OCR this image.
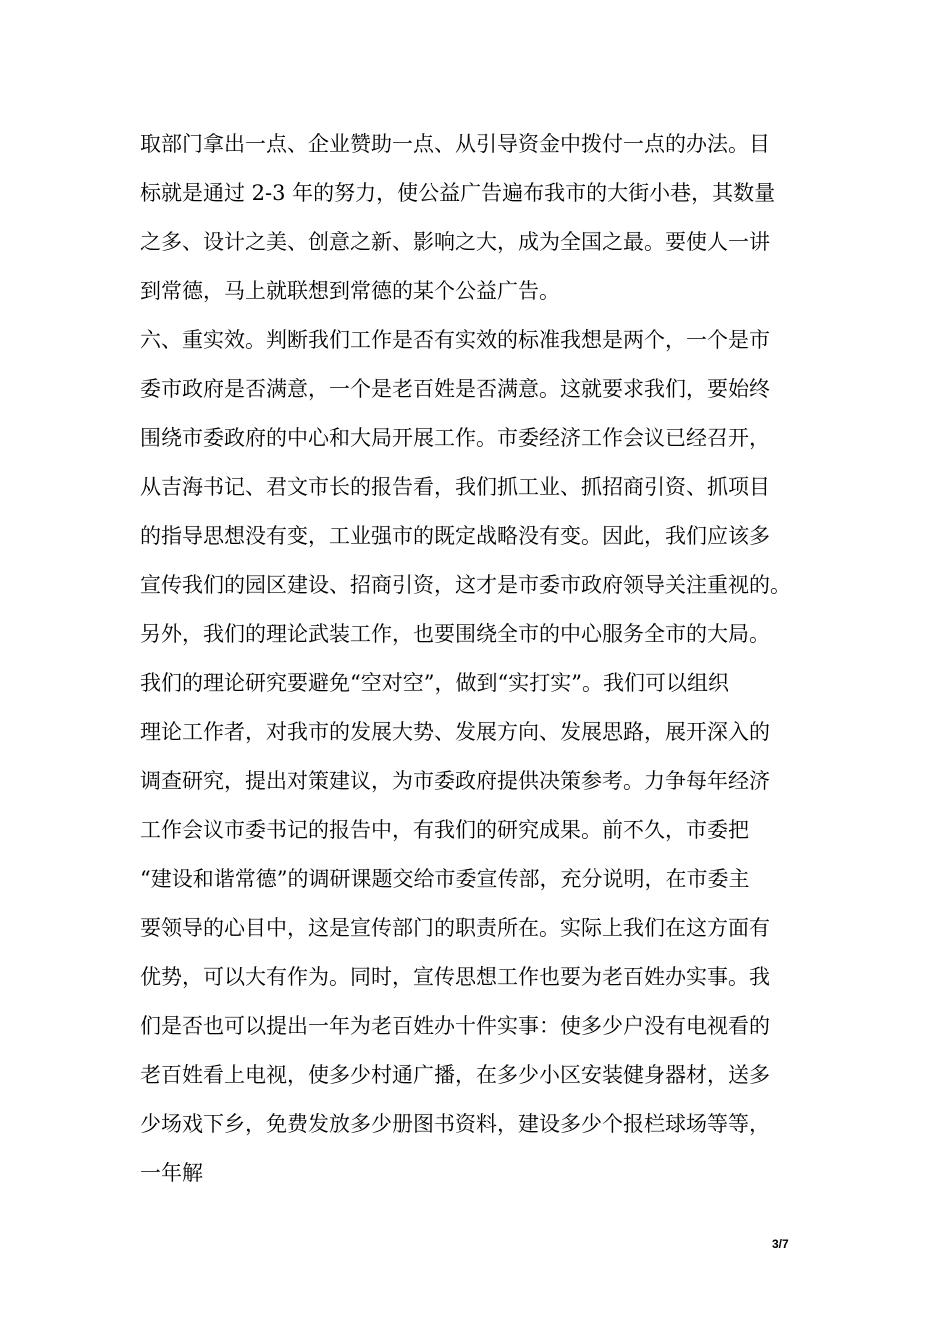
取部门拿出一点、企业赞助一点、从引导资金中拨付一点的办法。目
标就是通过 2-3 年的努力，使公益广告遍布我市的大街小巷，其数量
之多、设计之美、创意之新、影响之大，成为全国之最。要使人一讲
到常德，马上就联想到常德的某个公益广告。
六、重实效。判断我们工作是否有实效的标准我想是两个，一个是市
委市政府是否满意，一个是老百姓是否满意。这就要求我们，要始终
围绕市委政府的中心和大局开展工作。市委经济工作会议已经召开，
从吉海书记、君文市长的报告看，我们抓工业、抓招商引资、抓项目
的指导思想没有变，工业强市的既定战略没有变。因此，我们应该多
宣传我们的园区建设、招商引资，这才是市委市政府领导关注重视的。
另外，我们的理论武装工作，也要围绕全市的中心服务全市的大局。
我们的理论研究要避免“空对空”，做到“实打实”。我们可以组织
理论工作者，对我市的发展大势、发展方向、发展思路，展开深入的
调查研究，提出对策建议，为市委政府提供决策参考。力争每年经济
工作会议市委书记的报告中，有我们的研究成果。前不久，市委把
“建设和谐常德”的调研课题交给市委宣传部，充分说明，在市委主
要领导的心目中，这是宣传部门的职责所在。实际上我们在这方面有
优势，可以大有作为。同时，宣传思想工作也要为老百姓办实事。我
们是否也可以提出一年为老百姓办十件实事：使多少户没有电视看的
老百姓看上电视，使多少村通广播，在多少小区安装健身器材，送多
少场戏下乡，免费发放多少册图书资料，建设多少个报栏球场等等，
一年解
3/7
